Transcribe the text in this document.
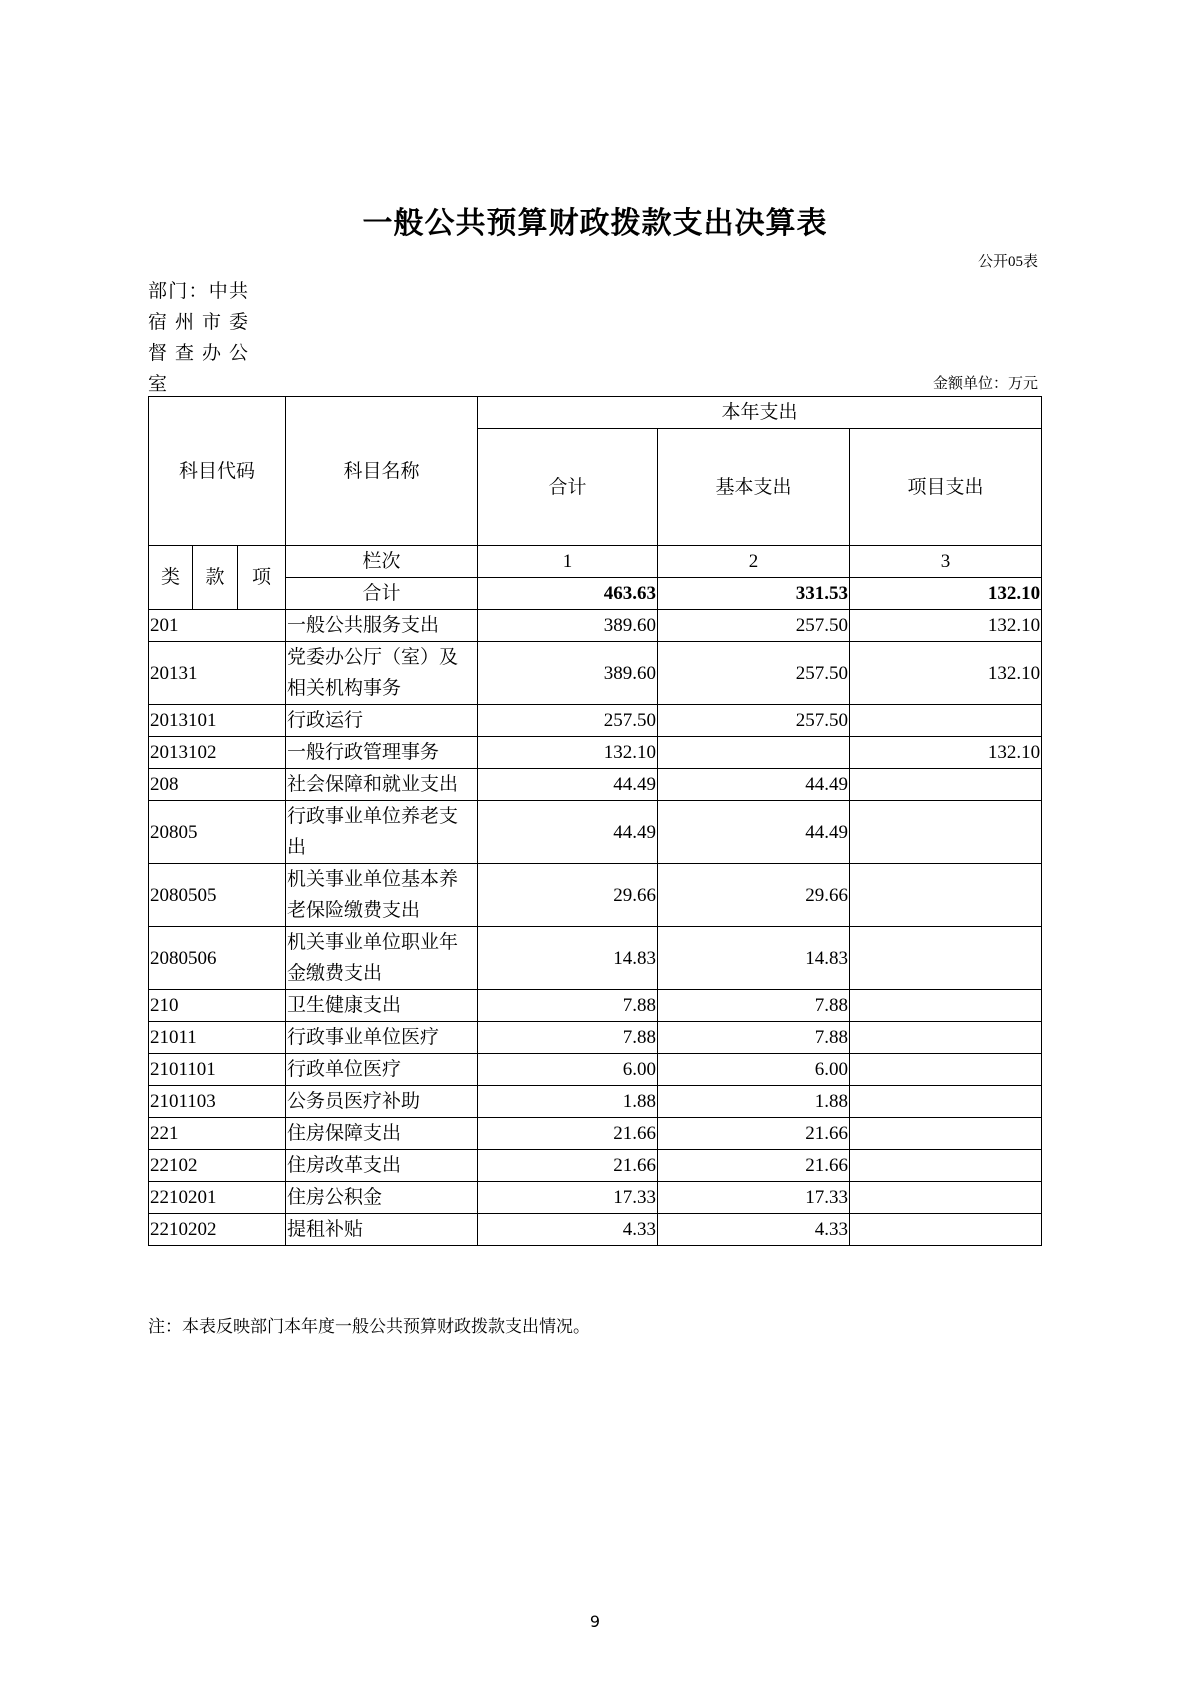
一般公共预算财政拨款支出决算表
公开05表
部门：中共
宿州市委
督查办公
室	金额单位：万元
科目代码			科目名称	本年支出		
				合计	基本支出	项目支出
类	款	项	栏次	1	2	3
			合计	463.63	331.53	132.10
201			一般公共服务支出	389.60	257.50	132.10
20131			党委办公厅（室）及相关机构事务	389.60	257.50	132.10
2013101			行政运行	257.50	257.50	
2013102			一般行政管理事务	132.10		132.10
208			社会保障和就业支出	44.49	44.49	
20805			行政事业单位养老支出	44.49	44.49	
2080505			机关事业单位基本养老保险缴费支出	29.66	29.66	
2080506			机关事业单位职业年金缴费支出	14.83	14.83	
210			卫生健康支出	7.88	7.88	
21011			行政事业单位医疗	7.88	7.88	
2101101			行政单位医疗	6.00	6.00	
2101103			公务员医疗补助	1.88	1.88	
221			住房保障支出	21.66	21.66	
22102			住房改革支出	21.66	21.66	
2210201			住房公积金	17.33	17.33	
2210202			提租补贴	4.33	4.33	
注：本表反映部门本年度一般公共预算财政拨款支出情况。
9
